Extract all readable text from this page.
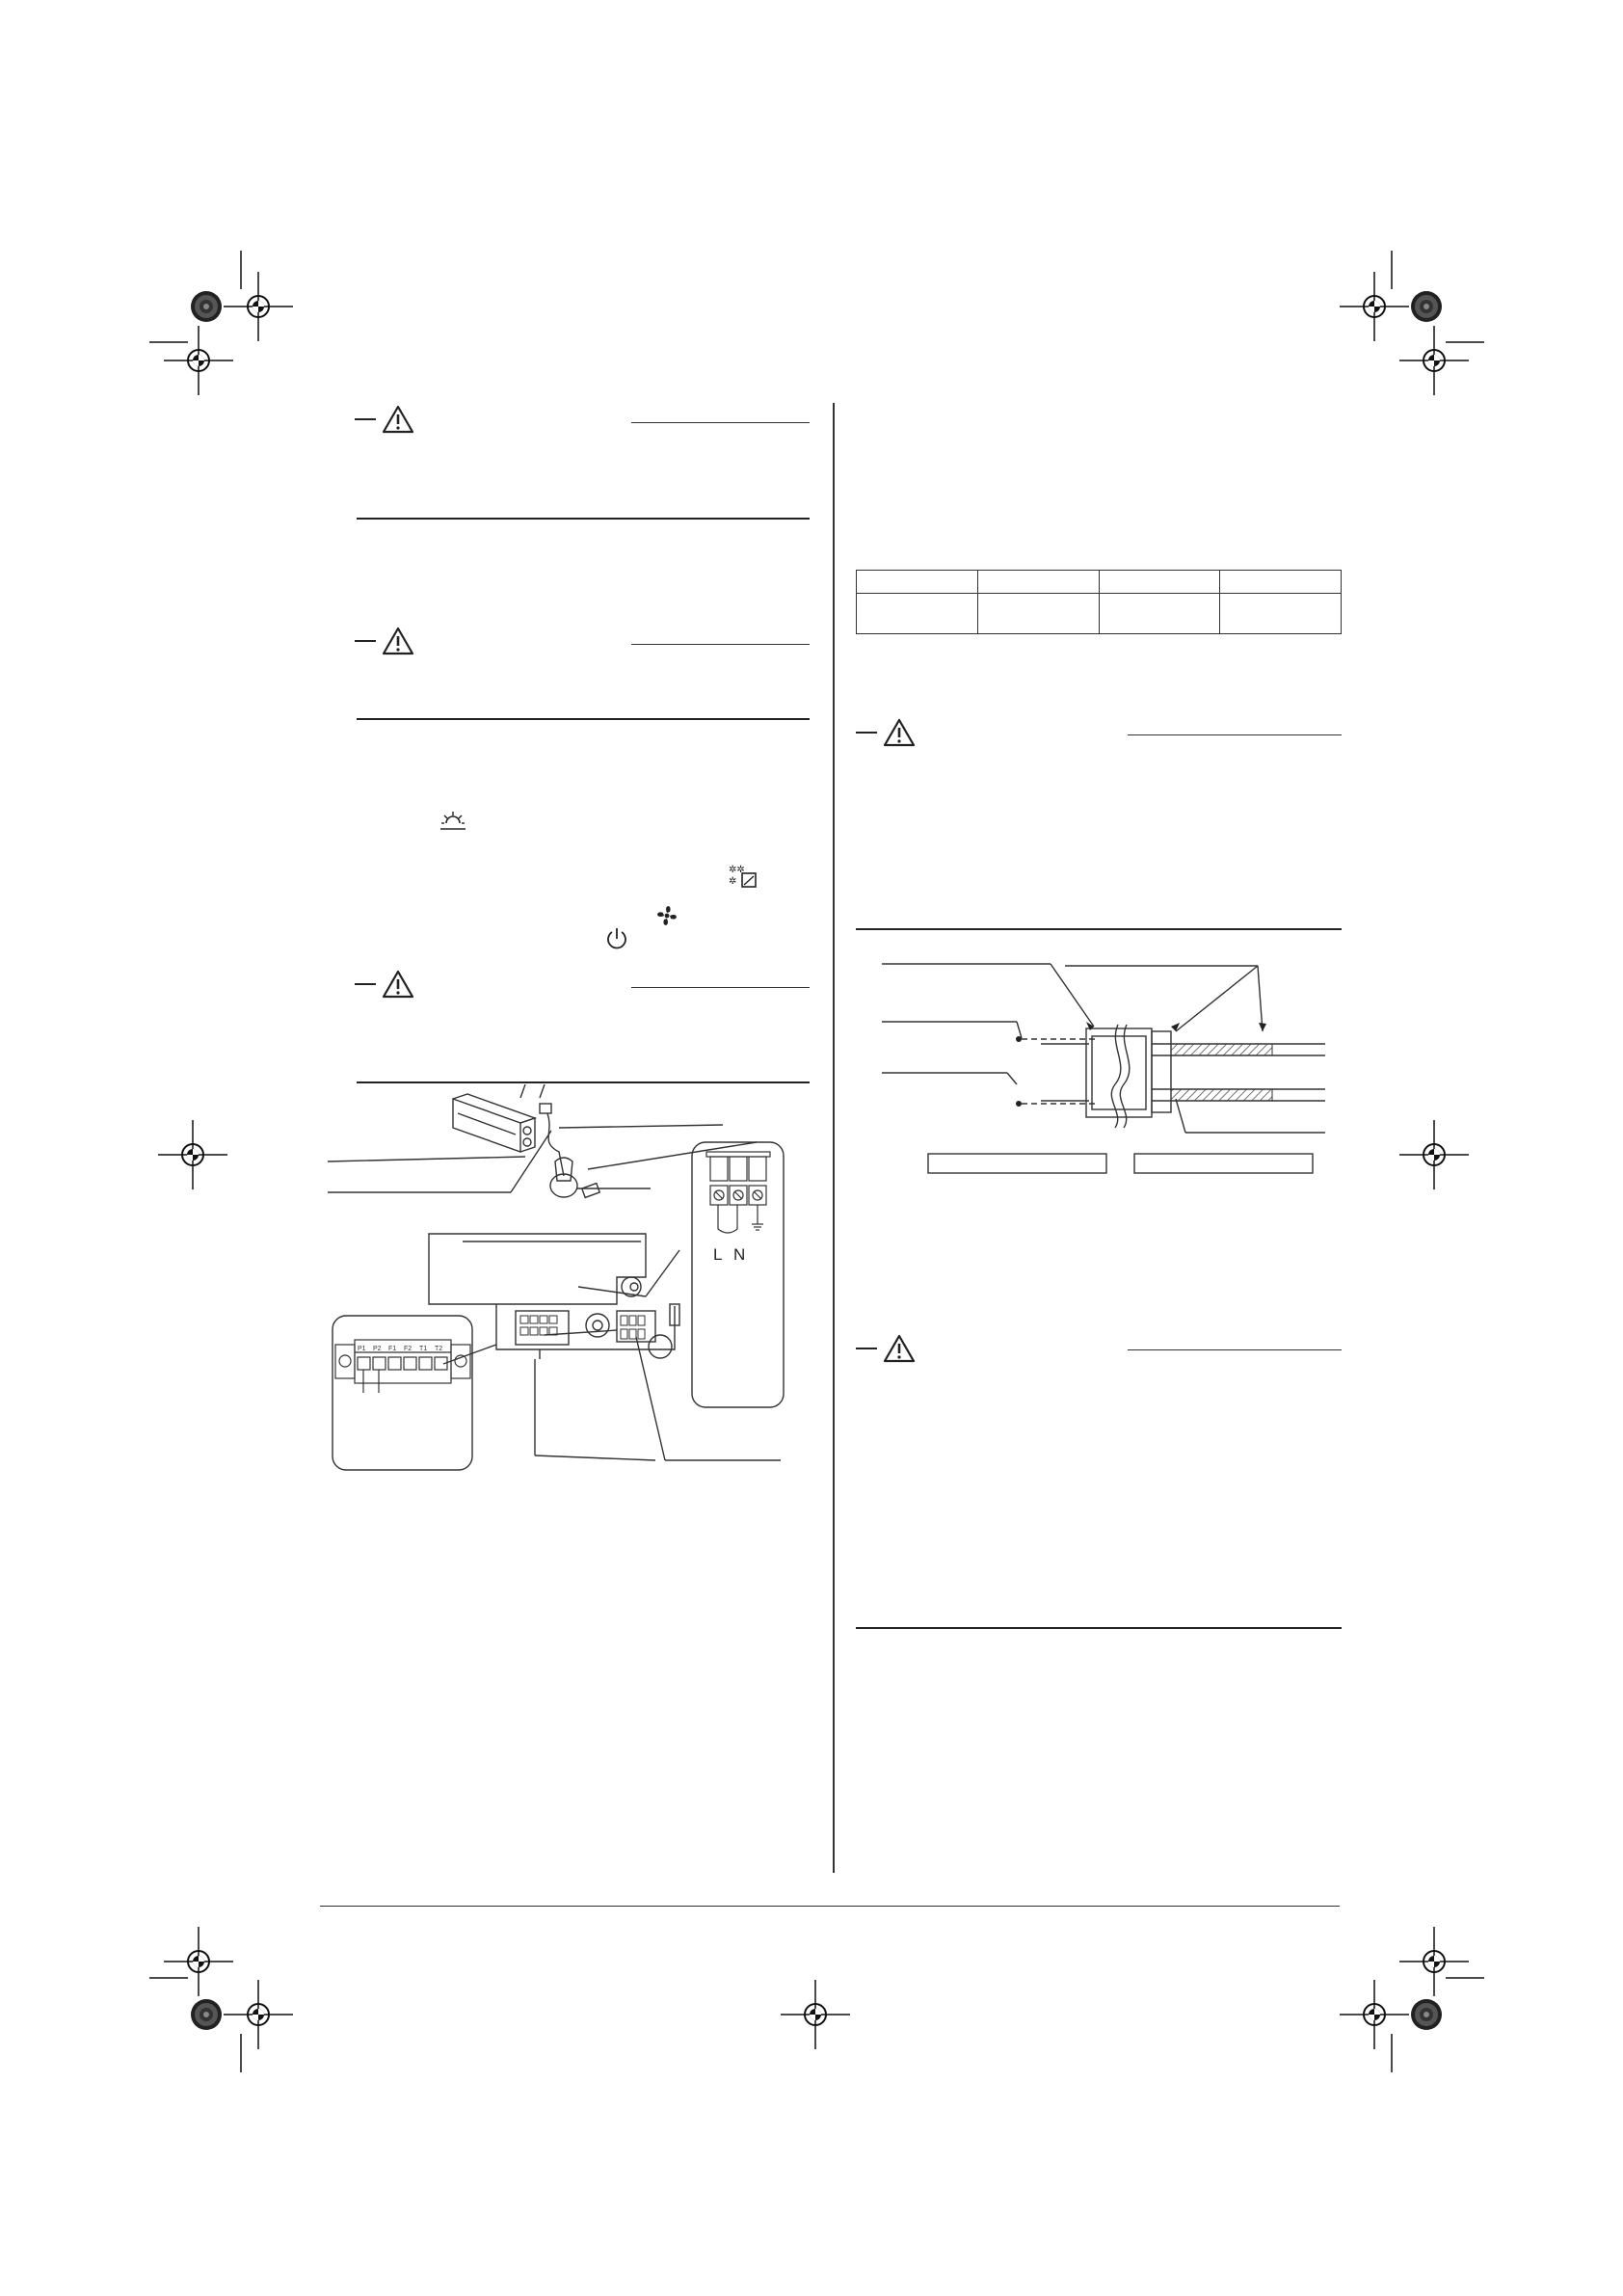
✲✲
✲
P1 P2 F1 F2 T1 T2
L N
